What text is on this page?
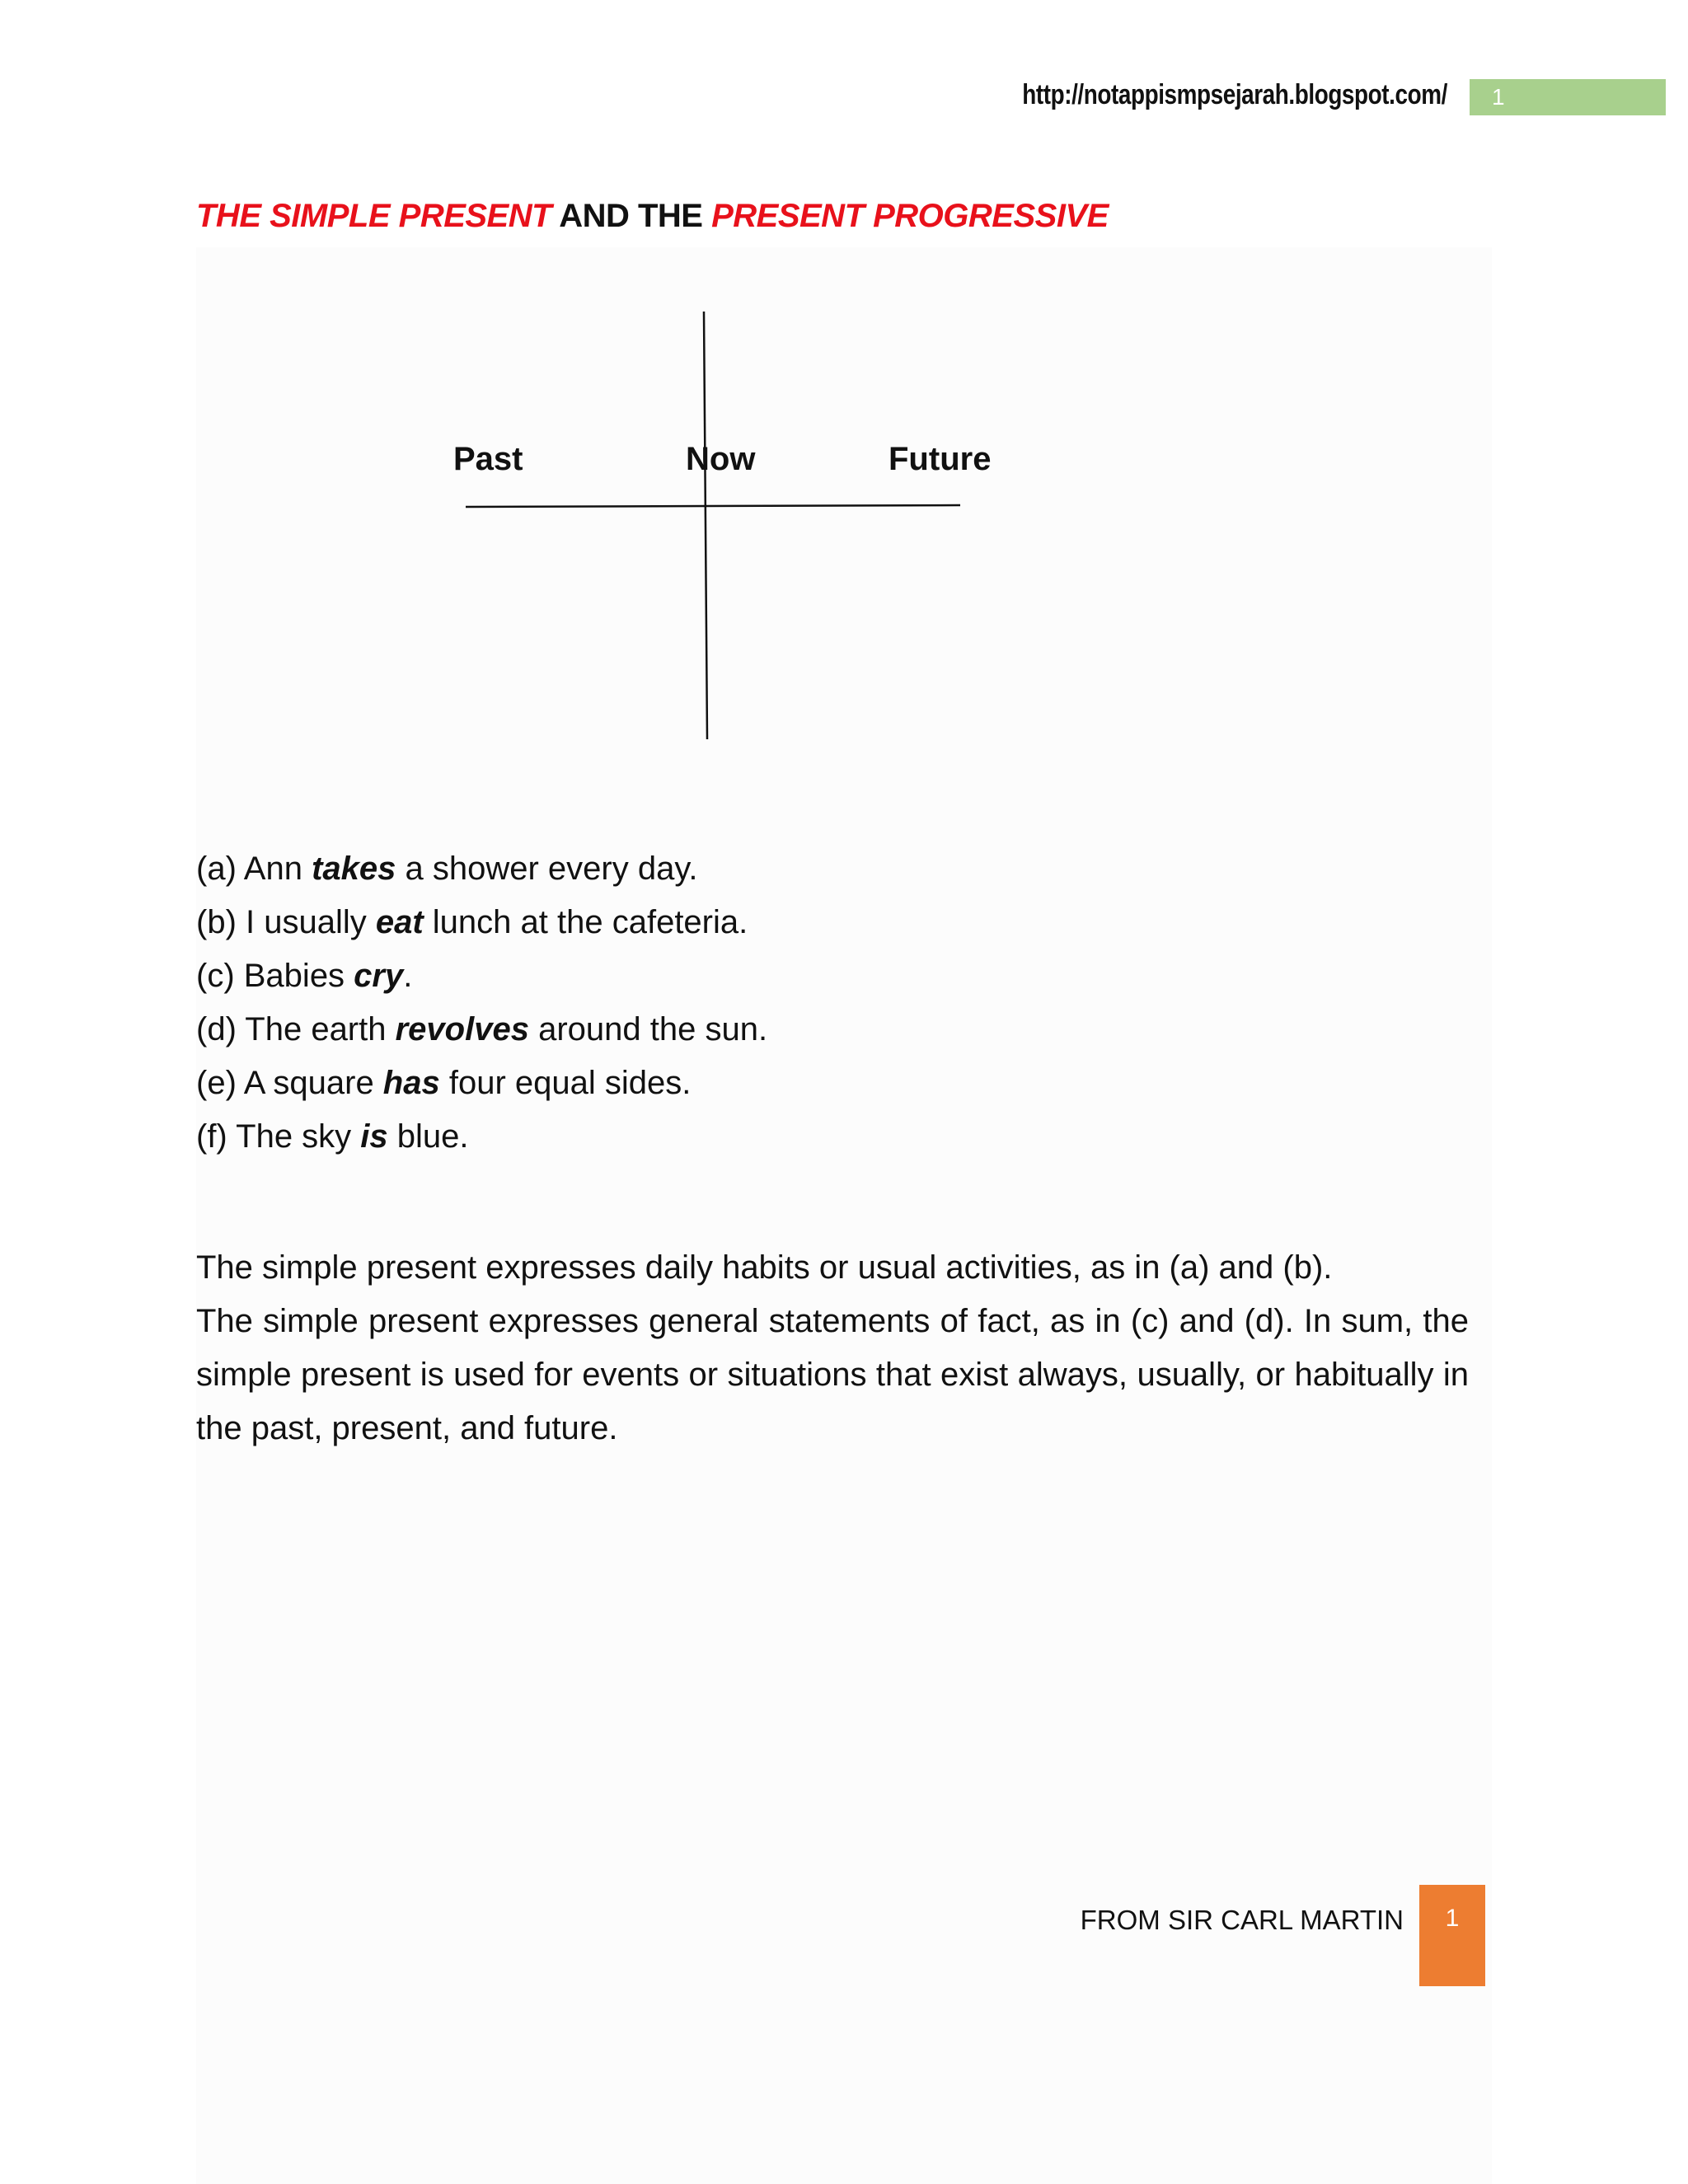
http://notappismpsejarah.blogspot.com/	1
THE SIMPLE PRESENT AND THE PRESENT PROGRESSIVE
Past	Now	Future
(a) Ann takes a shower every day.
(b) I usually eat lunch at the cafeteria.
(c) Babies cry.
(d) The earth revolves around the sun.
(e) A square has four equal sides.
(f) The sky is blue.

The simple present expresses daily habits or usual activities, as in (a) and (b).

The simple present expresses general statements of fact, as in (c) and (d). In sum, the simple present is used for events or situations that exist always, usually, or habitually in the past, present, and future.

FROM SIR CARL MARTIN	1
